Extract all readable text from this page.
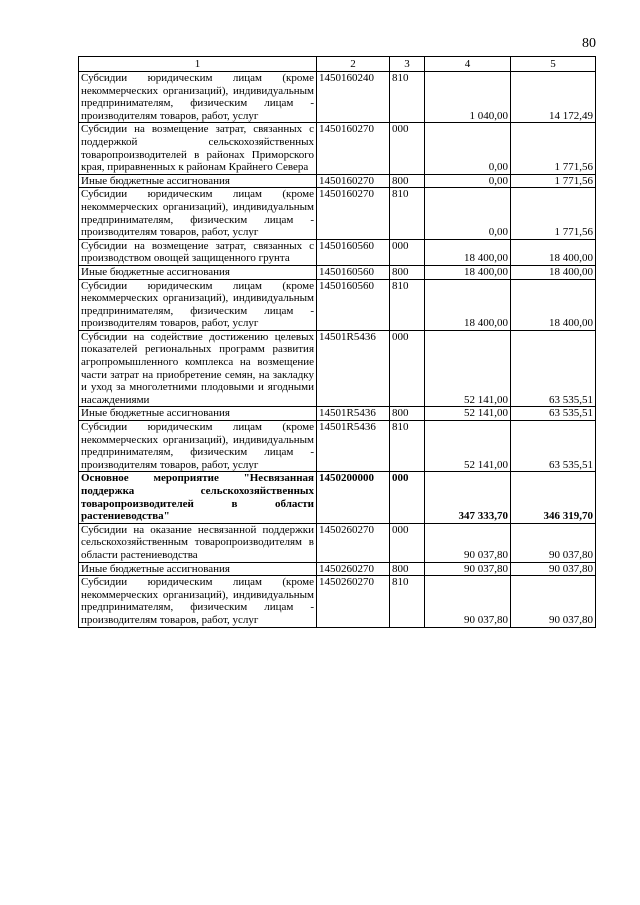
80
1	2	3	4	5
Субсидии юридическим лицам (кроме некоммерческих организаций), индивидуальным предпринимателям, физическим лицам - производителям товаров, работ, услуг	1450160240	810	1 040,00	14 172,49
Субсидии на возмещение затрат, связанных с поддержкой сельскохозяйственных товаропроизводителей в районах Приморского края, приравненных к районам Крайнего Севера	1450160270	000	0,00	1 771,56
Иные бюджетные ассигнования	1450160270	800	0,00	1 771,56
Субсидии юридическим лицам (кроме некоммерческих организаций), индивидуальным предпринимателям, физическим лицам - производителям товаров, работ, услуг	1450160270	810	0,00	1 771,56
Субсидии на возмещение затрат, связанных с производством овощей защищенного грунта	1450160560	000	18 400,00	18 400,00
Иные бюджетные ассигнования	1450160560	800	18 400,00	18 400,00
Субсидии юридическим лицам (кроме некоммерческих организаций), индивидуальным предпринимателям, физическим лицам - производителям товаров, работ, услуг	1450160560	810	18 400,00	18 400,00
Субсидии на содействие достижению целевых показателей региональных программ развития агропромышленного комплекса на возмещение части затрат на приобретение семян, на закладку и уход за многолетними плодовыми и ягодными насаждениями	14501R5436	000	52 141,00	63 535,51
Иные бюджетные ассигнования	14501R5436	800	52 141,00	63 535,51
Субсидии юридическим лицам (кроме некоммерческих организаций), индивидуальным предпринимателям, физическим лицам - производителям товаров, работ, услуг	14501R5436	810	52 141,00	63 535,51
Основное мероприятие "Несвязанная поддержка сельскохозяйственных товаропроизводителей в области растениеводства"	1450200000	000	347 333,70	346 319,70
Субсидии на оказание несвязанной поддержки сельскохозяйственным товаропроизводителям в области растениеводства	1450260270	000	90 037,80	90 037,80
Иные бюджетные ассигнования	1450260270	800	90 037,80	90 037,80
Субсидии юридическим лицам (кроме некоммерческих организаций), индивидуальным предпринимателям, физическим лицам - производителям товаров, работ, услуг	1450260270	810	90 037,80	90 037,80
